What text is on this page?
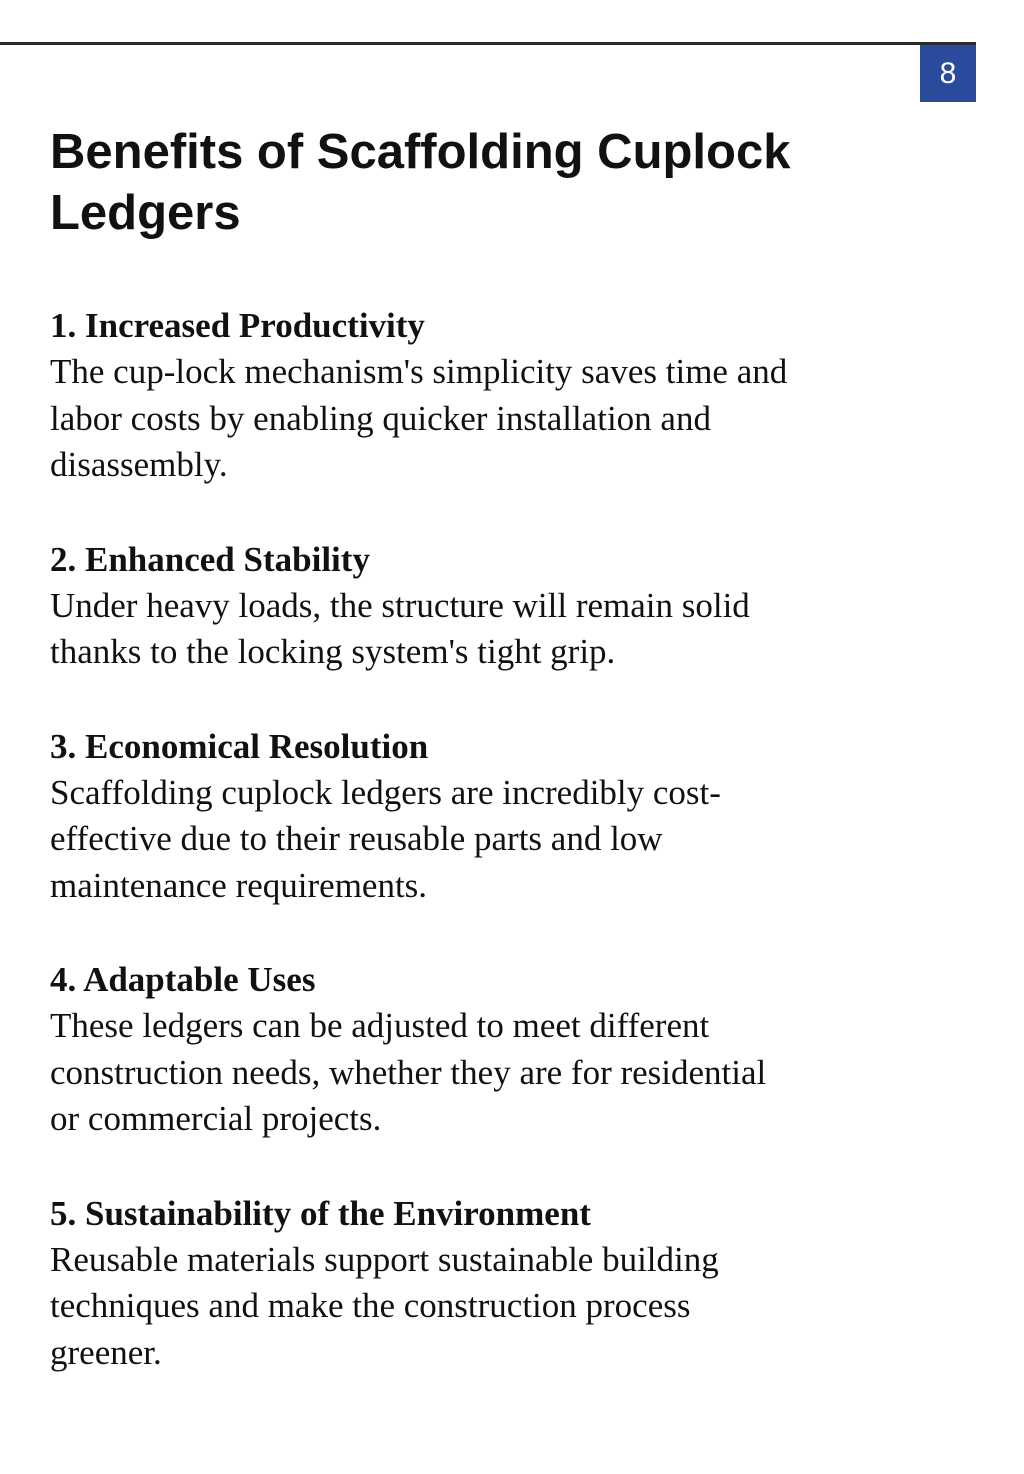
8
Benefits of Scaffolding Cuplock Ledgers
1. Increased Productivity
The cup-lock mechanism's simplicity saves time and
labor costs by enabling quicker installation and
disassembly.
2. Enhanced Stability
Under heavy loads, the structure will remain solid
thanks to the locking system's tight grip.
3. Economical Resolution
Scaffolding cuplock ledgers are incredibly cost-
effective due to their reusable parts and low
maintenance requirements.
4. Adaptable Uses
These ledgers can be adjusted to meet different
construction needs, whether they are for residential
or commercial projects.
5. Sustainability of the Environment
Reusable materials support sustainable building
techniques and make the construction process
greener.
